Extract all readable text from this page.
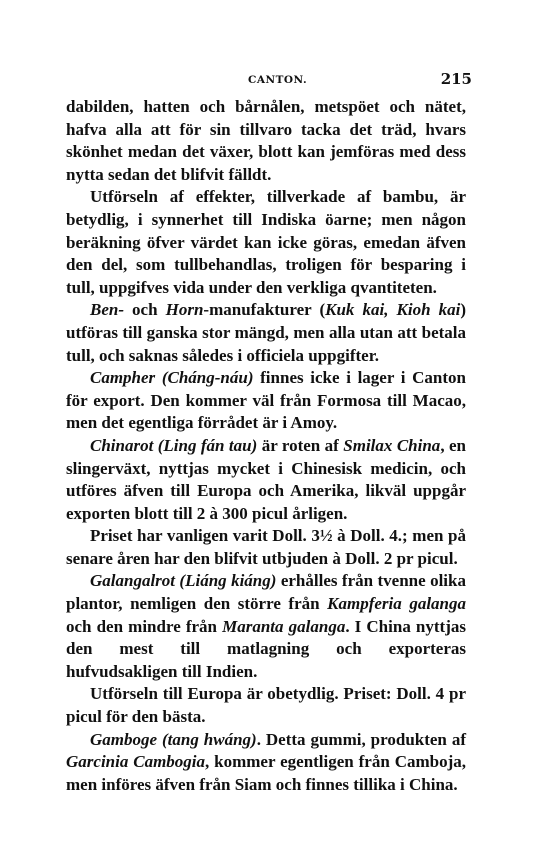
CANTON.	215

dabilden, hatten och bårnålen, metspöet och nätet, hafva alla att för sin tillvaro tacka det träd, hvars skönhet medan det växer, blott kan jemföras med dess nytta sedan det blifvit fälldt.

Utförseln af effekter, tillverkade af bambu, är betydlig, i synnerhet till Indiska öarne; men någon beräkning öfver värdet kan icke göras, emedan äfven den del, som tullbehandlas, troligen för besparing i tull, uppgifves vida under den verkliga qvantiteten.

Ben- och Horn-manufakturer (Kuk kai, Kioh kai) utföras till ganska stor mängd, men alla utan att betala tull, och saknas således i officiela uppgifter.

Campher (Cháng-náu) finnes icke i lager i Canton för export. Den kommer väl från Formosa till Macao, men det egentliga förrådet är i Amoy.

Chinarot (Ling fán tau) är roten af Smilax China, en slingerväxt, nyttjas mycket i Chinesisk medicin, och utföres äfven till Europa och Amerika, likväl uppgår exporten blott till 2 à 300 picul årligen.

Priset har vanligen varit Doll. 3½ à Doll. 4.; men på senare åren har den blifvit utbjuden à Doll. 2 pr picul.

Galangalrot (Liáng kiáng) erhålles från tvenne olika plantor, nemligen den större från Kampferia galanga och den mindre från Maranta galanga. I China nyttjas den mest till matlagning och exporteras hufvudsakligen till Indien.

Utförseln till Europa är obetydlig. Priset: Doll. 4 pr picul för den bästa.

Gamboge (tang hwáng). Detta gummi, produkten af Garcinia Cambogia, kommer egentligen från Camboja, men införes äfven från Siam och finnes tillika i China.
